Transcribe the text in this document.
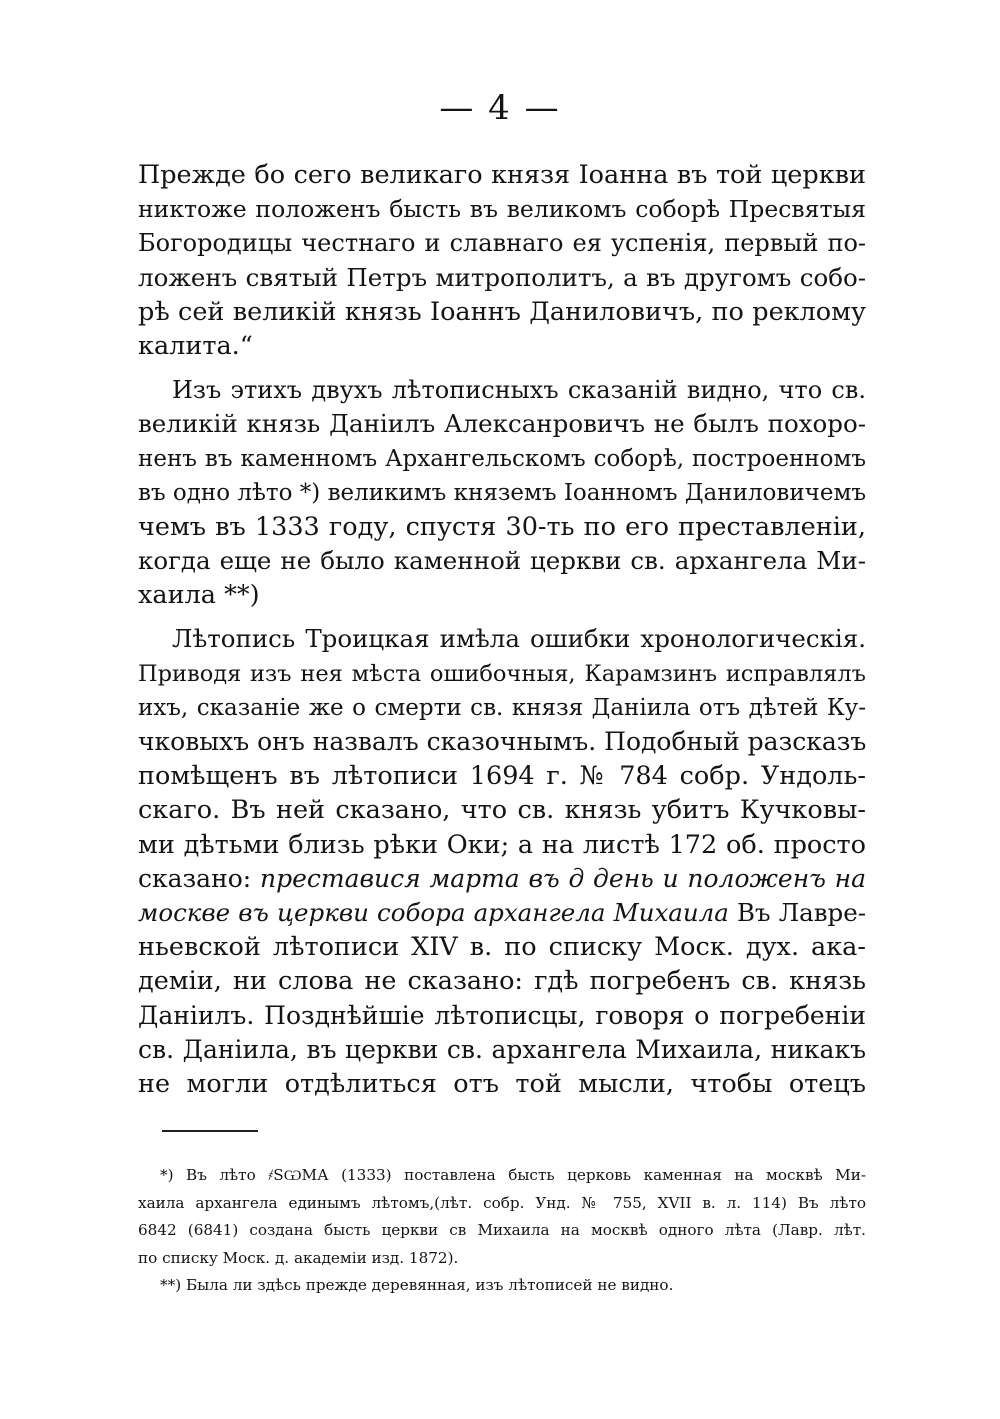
— 4 —
Прежде бо сего великаго князя Іоанна въ той церкви
никтоже положенъ бысть въ великомъ соборѣ Пресвятыя
Богородицы честнаго и славнаго ея успенія, первый по-
ложенъ святый Петръ митрополитъ, а въ другомъ собо-
рѣ сей великій князь Іоаннъ Даниловичъ, по реклому
калита.“
Изъ этихъ двухъ лѣтописныхъ сказаній видно, что св.
великій князь Даніилъ Алексанровичъ не былъ похоро-
ненъ въ каменномъ Архангельскомъ соборѣ, построенномъ
въ одно лѣто *) великимъ княземъ Іоанномъ Даниловичемъ
чемъ въ 1333 году, спустя 30-ть по его преставленіи,
когда еще не было каменной церкви св. архангела Ми-
хаила **)
Лѣтопись Троицкая имѣла ошибки хронологическія.
Приводя изъ нея мѣста ошибочныя, Карамзинъ исправлялъ
ихъ, сказаніе же о смерти св. князя Даніила отъ дѣтей Ку-
чковыхъ онъ назвалъ сказочнымъ. Подобный разсказъ
помѣщенъ въ лѣтописи 1694 г. № 784 собр. Ундоль-
скаго. Въ ней сказано, что св. князь убитъ Кучковы-
ми дѣтьми близь рѣки Оки; а на листѣ 172 об. просто
сказано: преставися марта въ д день и положенъ на
москве въ церкви собора архангела Михаила Въ Лавре-
ньевской лѣтописи XIV в. по списку Моск. дух. ака-
деміи, ни слова не сказано: гдѣ погребенъ св. князь
Даніилъ. Позднѣйшіе лѣтописцы, говоря о погребеніи
св. Даніила, въ церкви св. архангела Михаила, никакъ
не могли отдѣлиться отъ той мысли, чтобы отецъ
*) Въ лѣто ҂SѠМА (1333) поставлена бысть церковь каменная на москвѣ Ми-
хаила архангела единымъ лѣтомъ,(лѣт. собр. Унд. № 755, XVII в. л. 114) Въ лѣто
6842 (6841) создана бысть церкви св Михаила на москвѣ одного лѣта (Лавр. лѣт.
по списку Моск. д. академіи изд. 1872).
**) Была ли здѣсь прежде деревянная, изъ лѣтописей не видно.
